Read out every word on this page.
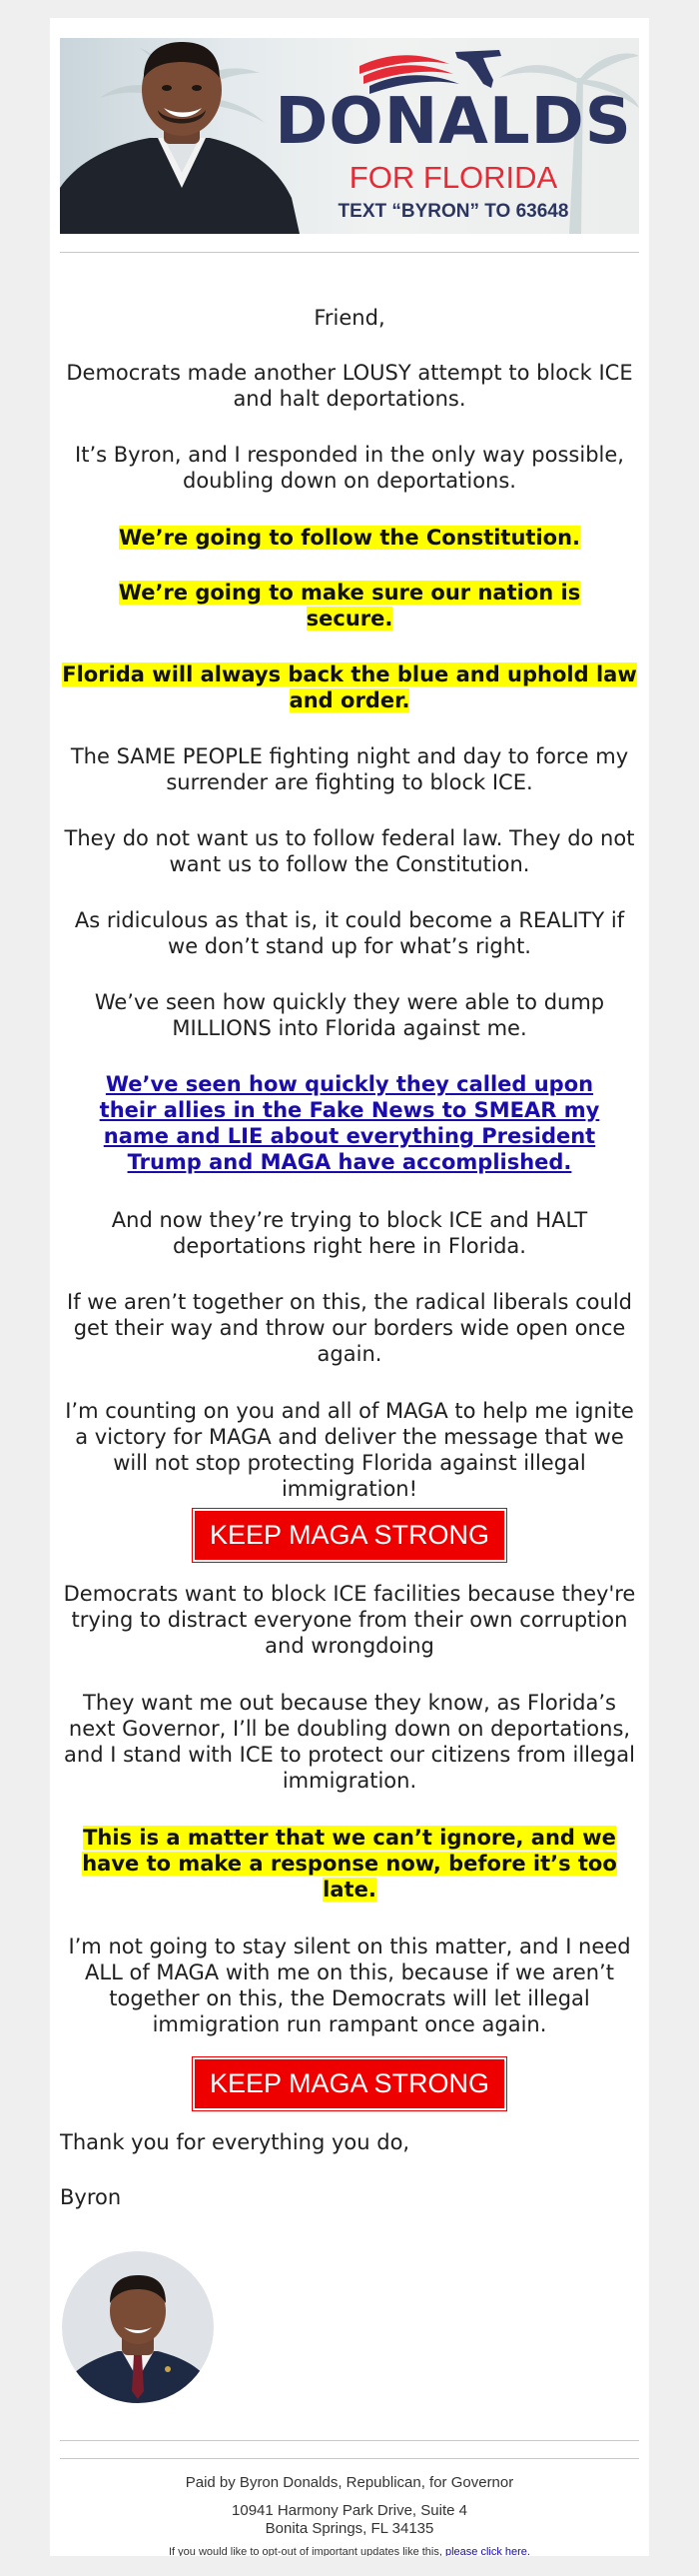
DONALDS
FOR FLORIDA
TEXT “BYRON” TO 63648

Friend,

Democrats made another LOUSY attempt to block ICE and halt deportations.

It’s Byron, and I responded in the only way possible, doubling down on deportations.

We’re going to follow the Constitution.

We’re going to make sure our nation is secure.

Florida will always back the blue and uphold law and order.

The SAME PEOPLE fighting night and day to force my surrender are fighting to block ICE.

They do not want us to follow federal law. They do not want us to follow the Constitution.

As ridiculous as that is, it could become a REALITY if we don’t stand up for what’s right.

We’ve seen how quickly they were able to dump MILLIONS into Florida against me.

We’ve seen how quickly they called upon their allies in the Fake News to SMEAR my name and LIE about everything President Trump and MAGA have accomplished.

And now they’re trying to block ICE and HALT deportations right here in Florida.

If we aren’t together on this, the radical liberals could get their way and throw our borders wide open once again.

I’m counting on you and all of MAGA to help me ignite a victory for MAGA and deliver the message that we will not stop protecting Florida against illegal immigration!

KEEP MAGA STRONG

Democrats want to block ICE facilities because they're trying to distract everyone from their own corruption and wrongdoing

They want me out because they know, as Florida’s next Governor, I’ll be doubling down on deportations, and I stand with ICE to protect our citizens from illegal immigration.

This is a matter that we can’t ignore, and we have to make a response now, before it’s too late.

I’m not going to stay silent on this matter, and I need ALL of MAGA with me on this, because if we aren’t together on this, the Democrats will let illegal immigration run rampant once again.

KEEP MAGA STRONG

Thank you for everything you do,

Byron

Paid by Byron Donalds, Republican, for Governor
10941 Harmony Park Drive, Suite 4
Bonita Springs, FL 34135
If you would like to opt-out of important updates like this, please click here.
